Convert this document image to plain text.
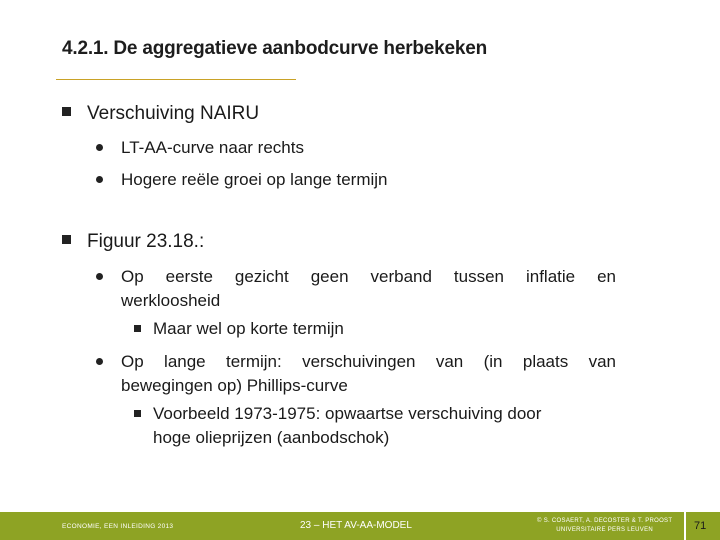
4.2.1. De aggregatieve aanbodcurve herbekeken
Verschuiving NAIRU
LT-AA-curve naar rechts
Hogere reële groei op lange termijn
Figuur 23.18.:
Op eerste gezicht geen verband tussen inflatie en
werkloosheid
Maar wel op korte termijn
Op lange termijn: verschuivingen van (in plaats van
bewegingen op) Phillips-curve
Voorbeeld 1973-1975: opwaartse verschuiving door
hoge olieprijzen (aanbodschok)
ECONOMIE, EEN INLEIDING 2013	23 – HET AV-AA-MODEL	© S. COSAERT, A. DECOSTER & T. PROOST
UNIVERSITAIRE PERS LEUVEN	71
